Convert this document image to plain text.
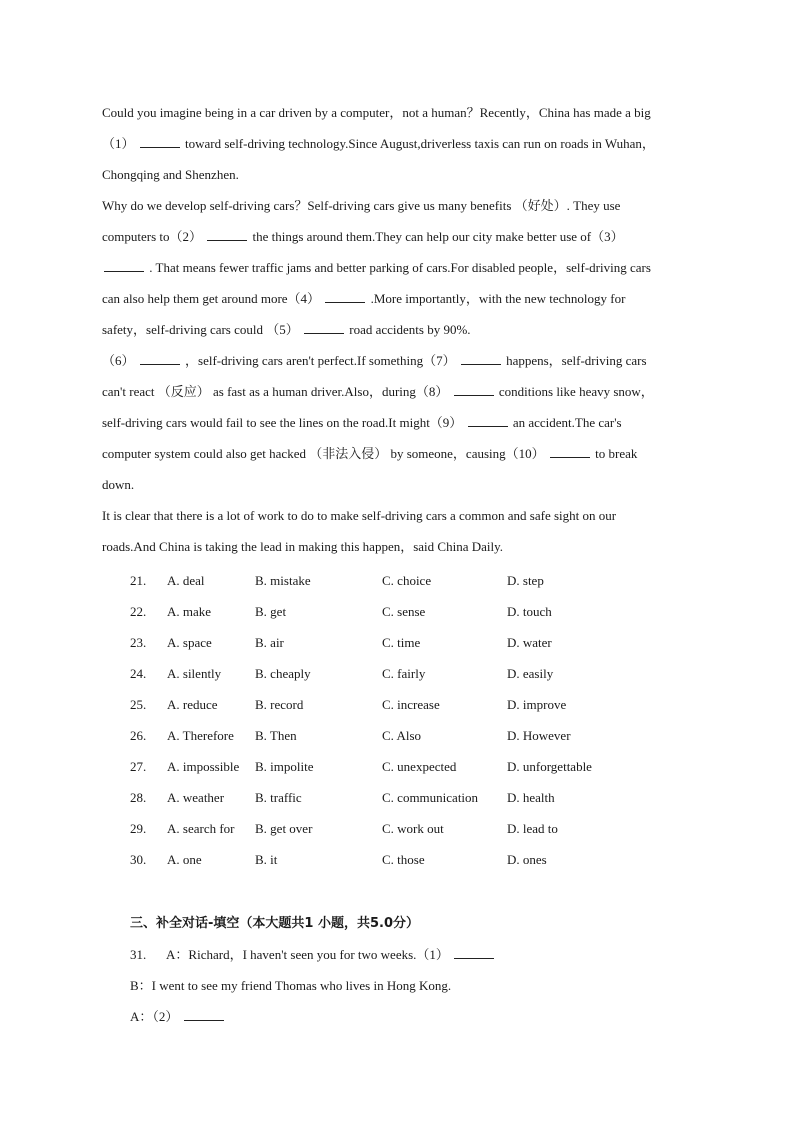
Could you imagine being in a car driven by a computer，not a human？Recently，China has made a big
（1）	toward self-driving technology.Since August,driverless taxis can run on roads in Wuhan，
Chongqing and Shenzhen.
Why do we develop self-driving cars？Self-driving cars give us many benefits （好处）. They use
computers to（2）	the things around them.They can help our city make better use of（3）
. That means fewer traffic jams and better parking of cars.For disabled people，self-driving cars
can also help them get around more（4）	.More importantly，with the new technology for
safety，self-driving cars could （5）	road accidents by 90%.
（6）	，self-driving cars aren't perfect.If something（7）	happens，self-driving cars
can't react （反应） as fast as a human driver.Also，during（8）	conditions like heavy snow，
self-driving cars would fail to see the lines on the road.It might（9）	an accident.The car's
computer system could also get hacked （非法入侵） by someone，causing（10）	to break
down.
It is clear that there is a lot of work to do to make self-driving cars a common and safe sight on our
roads.And China is taking the lead in making this happen，said China Daily.
21. A. deal	B. mistake	C. choice	D. step
22. A. make	B. get	C. sense	D. touch
23. A. space	B. air	C. time	D. water
24. A. silently	B. cheaply	C. fairly	D. easily
25. A. reduce	B. record	C. increase	D. improve
26. A. Therefore B. Then	C. Also	D. However
27. A. impossible B. impolite	C. unexpected	D. unforgettable
28. A. weather B. traffic	C. communication D. health
29. A. search for B. get over	C. work out	D. lead to
30. A. one	B. it	C. those	D. ones
三、补全对话-填空（本大题共1 小题，共5.0分）
31. A：Richard，I haven't seen you for two weeks.（1）
B：I went to see my friend Thomas who lives in Hong Kong.
A：（2）
